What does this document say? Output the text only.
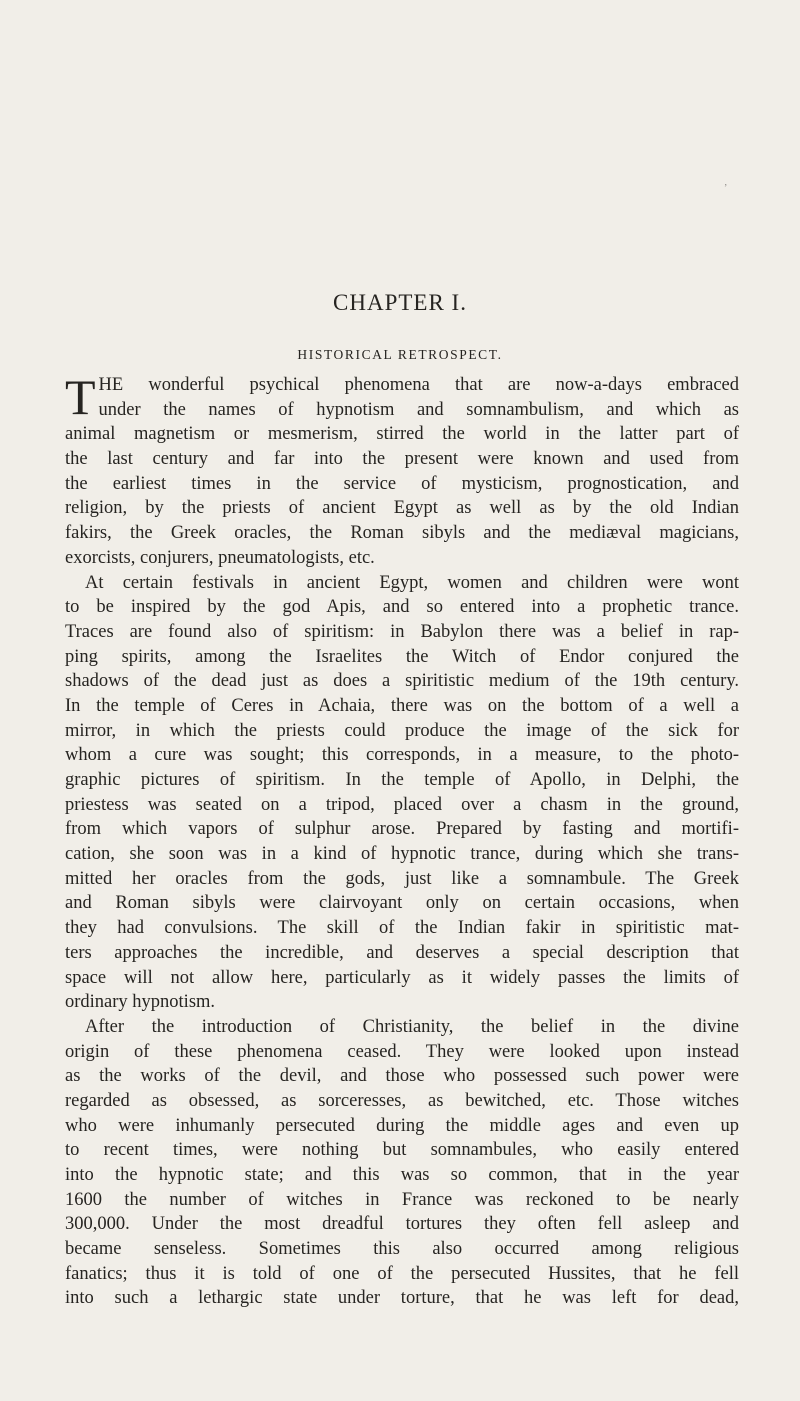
’
CHAPTER I.
HISTORICAL RETROSPECT.
T HE wonderful psychical phenomena that are now-a-days embraced
under the names of hypnotism and somnambulism, and which as
animal magnetism or mesmerism, stirred the world in the latter part of
the last century and far into the present were known and used from
the earliest times in the service of mysticism, prognostication, and
religion, by the priests of ancient Egypt as well as by the old Indian
fakirs, the Greek oracles, the Roman sibyls and the mediæval magicians,
exorcists, conjurers, pneumatologists, etc.
At certain festivals in ancient Egypt, women and children were wont
to be inspired by the god Apis, and so entered into a prophetic trance.
Traces are found also of spiritism: in Babylon there was a belief in rap-
ping spirits, among the Israelites the Witch of Endor conjured the
shadows of the dead just as does a spiritistic medium of the 19th century.
In the temple of Ceres in Achaia, there was on the bottom of a well a
mirror, in which the priests could produce the image of the sick for
whom a cure was sought; this corresponds, in a measure, to the photo-
graphic pictures of spiritism. In the temple of Apollo, in Delphi, the
priestess was seated on a tripod, placed over a chasm in the ground,
from which vapors of sulphur arose. Prepared by fasting and mortifi-
cation, she soon was in a kind of hypnotic trance, during which she trans-
mitted her oracles from the gods, just like a somnambule. The Greek
and Roman sibyls were clairvoyant only on certain occasions, when
they had convulsions. The skill of the Indian fakir in spiritistic mat-
ters approaches the incredible, and deserves a special description that
space will not allow here, particularly as it widely passes the limits of
ordinary hypnotism.
After the introduction of Christianity, the belief in the divine
origin of these phenomena ceased. They were looked upon instead
as the works of the devil, and those who possessed such power were
regarded as obsessed, as sorceresses, as bewitched, etc. Those witches
who were inhumanly persecuted during the middle ages and even up
to recent times, were nothing but somnambules, who easily entered
into the hypnotic state; and this was so common, that in the year
1600 the number of witches in France was reckoned to be nearly
300,000. Under the most dreadful tortures they often fell asleep and
became senseless. Sometimes this also occurred among religious
fanatics; thus it is told of one of the persecuted Hussites, that he fell
into such a lethargic state under torture, that he was left for dead,
